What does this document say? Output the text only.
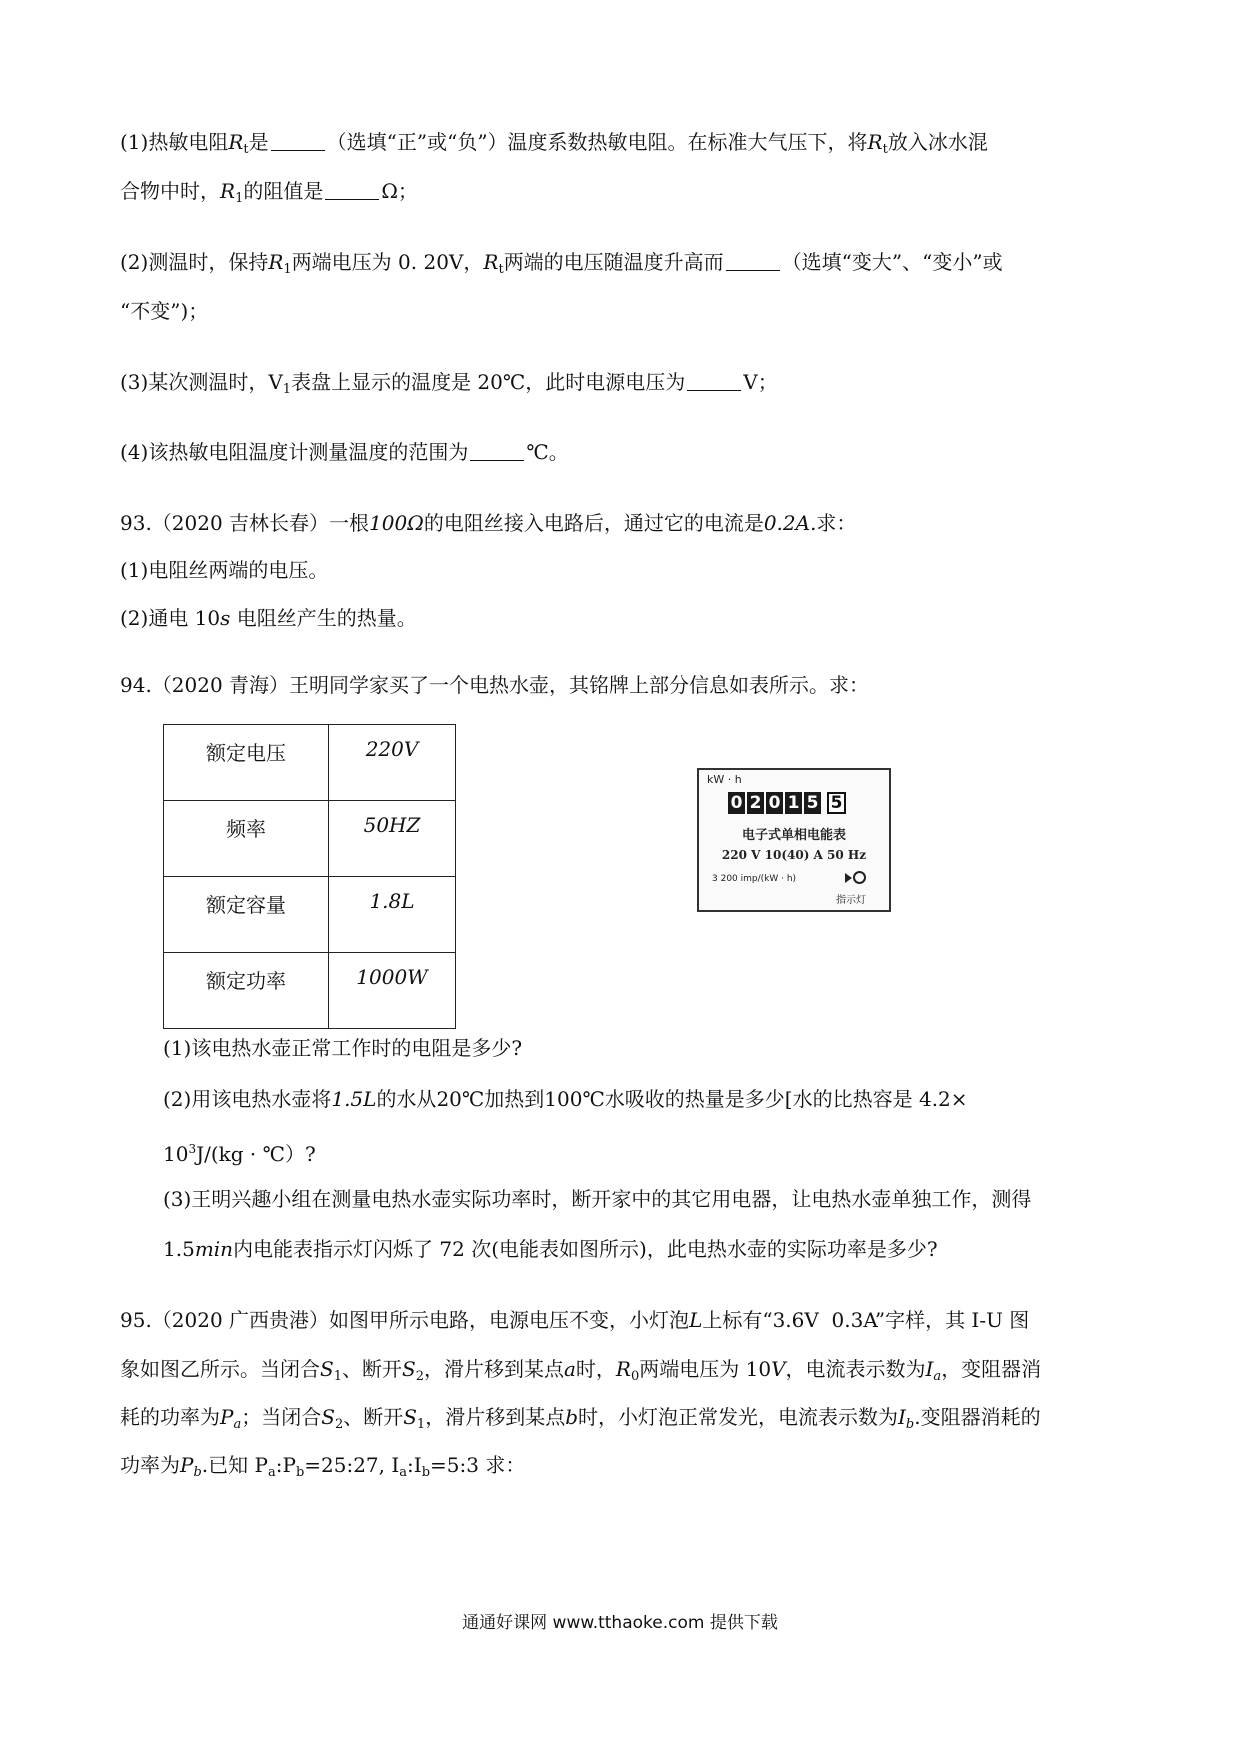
(1)热敏电阻$R_t$是	（选填“正”或“负”）温度系数热敏电阻。在标准大气压下，将$R_t$放入冰水混
合物中时，$R_1$的阻值是	Ω；
(2)测温时，保持$R_1$两端电压为 0. 20V，$R_t$两端的电压随温度升高而	（选填“变大”、“变小”或
“不变”)；
(3)某次测温时，$V_1$表盘上显示的温度是 20℃，此时电源电压为	V；
(4)该热敏电阻温度计测量温度的范围为	℃。
93.（2020 吉林长春）一根100Ω的电阻丝接入电路后，通过它的电流是0.2A.求：
(1)电阻丝两端的电压。
(2)通电 10s 电阻丝产生的热量。
94.（2020 青海）王明同学家买了一个电热水壶，其铭牌上部分信息如表所示。求：
额定电压	220V
频率	50HZ
额定容量	1.8L
额定功率	1000W
kW · h
0 2 0 1 5 5
电子式单相电能表
220 V 10(40) A 50 Hz
3 200 imp/(kW · h)
指示灯
(1)该电热水壶正常工作时的电阻是多少?
(2)用该电热水壶将1.5L的水从20℃加热到100℃水吸收的热量是多少[水的比热容是 4.2×
$10^3J/(kg$ · ℃）?
(3)王明兴趣小组在测量电热水壶实际功率时，断开家中的其它用电器，让电热水壶单独工作，测得
1.5min内电能表指示灯闪烁了 72 次(电能表如图所示)，此电热水壶的实际功率是多少?
95.（2020 广西贵港）如图甲所示电路，电源电压不变，小灯泡L上标有“3.6V  0.3A”字样，其 I-U 图
象如图乙所示。当闭合$S_1$、断开$S_2$，滑片移到某点a时，$R_0$两端电压为 10V，电流表示数为$I_a$，变阻器消
耗的功率为$P_a$；当闭合$S_2$、断开$S_1$，滑片移到某点b时，小灯泡正常发光，电流表示数为$I_b$.变阻器消耗的
功率为$P_b$.已知 $P_a:P_b=25:27$, $I_a:I_b=5:3$ 求：
通通好课网 www.tthaoke.com 提供下载
